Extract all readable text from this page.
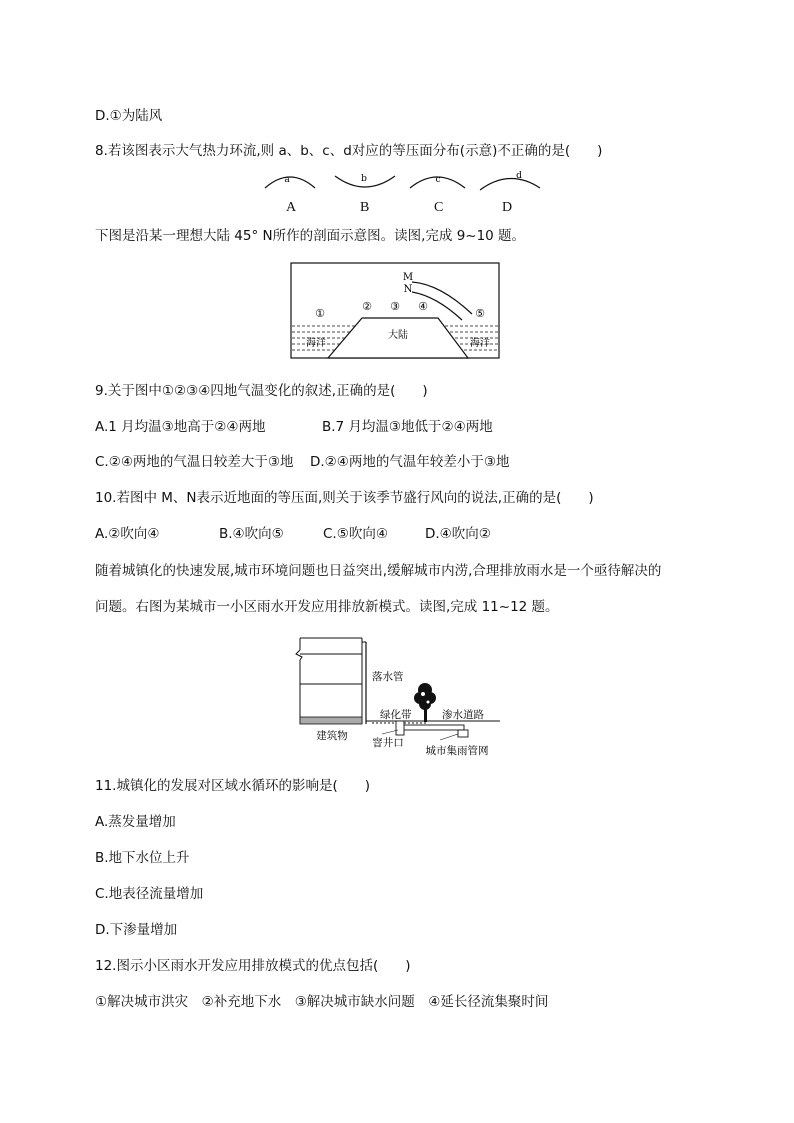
D.①为陆风
8.若该图表示大气热力环流,则 a、b、c、d对应的等压面分布(示意)不正确的是(　　)
a	b	c	d
A	B	C	D
下图是沿某一理想大陆 45° N所作的剖面示意图。读图,完成 9~10 题。
M
N
①
② ③ ④
⑤
大陆
海洋	海洋
9.关于图中①②③④四地气温变化的叙述,正确的是(　　)
A.1 月均温③地高于②④两地	B.7 月均温③地低于②④两地
C.②④两地的气温日较差大于③地 D.②④两地的气温年较差小于③地
10.若图中 M、N表示近地面的等压面,则关于该季节盛行风向的说法,正确的是(　　)
A.②吹向④	B.④吹向⑤	C.⑤吹向④	D.④吹向②
随着城镇化的快速发展,城市环境问题也日益突出,缓解城市内涝,合理排放雨水是一个亟待解决的
问题。右图为某城市一小区雨水开发应用排放新模式。读图,完成 11~12 题。
落水管
绿化带	渗水道路
建筑物
窨井口
城市集雨管网
11.城镇化的发展对区域水循环的影响是(　　)
A.蒸发量增加
B.地下水位上升
C.地表径流量增加
D.下渗量增加
12.图示小区雨水开发应用排放模式的优点包括(　　)
①解决城市洪灾　②补充地下水　③解决城市缺水问题　④延长径流集聚时间
